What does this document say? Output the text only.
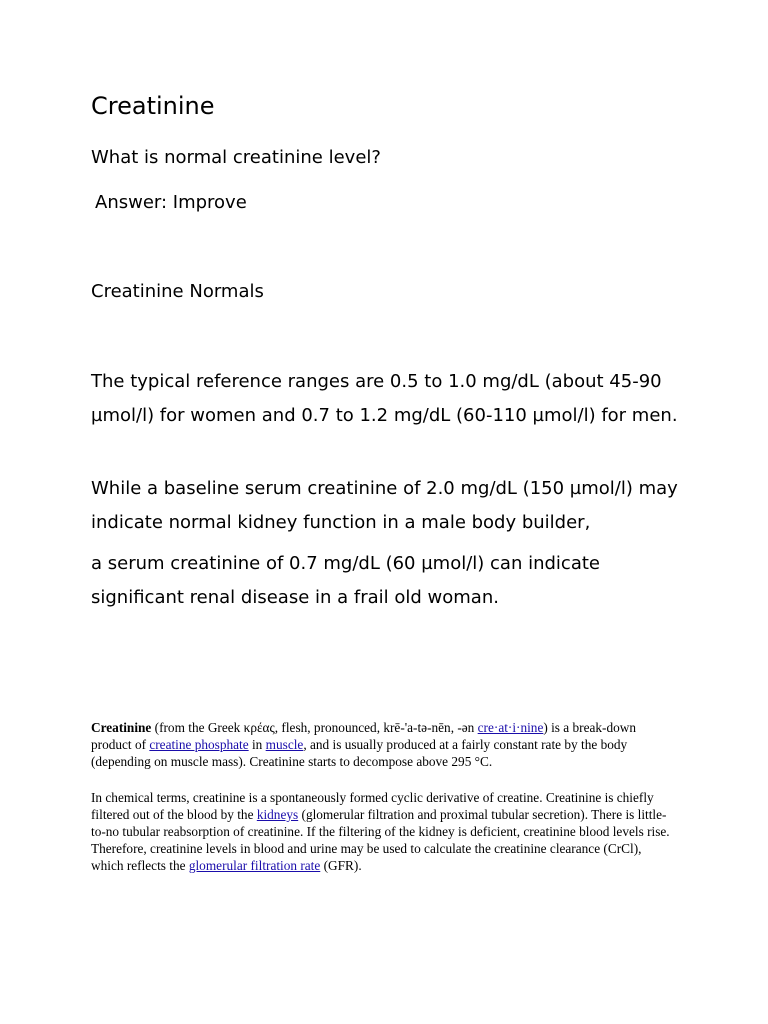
Creatinine
What is normal creatinine level?
Answer: Improve
Creatinine Normals
The typical reference ranges are 0.5 to 1.0 mg/dL (about 45-90 µmol/l) for women and 0.7 to 1.2 mg/dL (60-110 µmol/l) for men.
While a baseline serum creatinine of 2.0 mg/dL (150 µmol/l) may indicate normal kidney function in a male body builder,
a serum creatinine of 0.7 mg/dL (60 µmol/l) can indicate significant renal disease in a frail old woman.
Creatinine (from the Greek κρέας, flesh, pronounced, krē-'a-tə-nēn, -ən cre·at·i·nine) is a break-down product of creatine phosphate in muscle, and is usually produced at a fairly constant rate by the body (depending on muscle mass). Creatinine starts to decompose above 295 °C.
In chemical terms, creatinine is a spontaneously formed cyclic derivative of creatine. Creatinine is chiefly filtered out of the blood by the kidneys (glomerular filtration and proximal tubular secretion). There is little-to-no tubular reabsorption of creatinine. If the filtering of the kidney is deficient, creatinine blood levels rise. Therefore, creatinine levels in blood and urine may be used to calculate the creatinine clearance (CrCl), which reflects the glomerular filtration rate (GFR).
